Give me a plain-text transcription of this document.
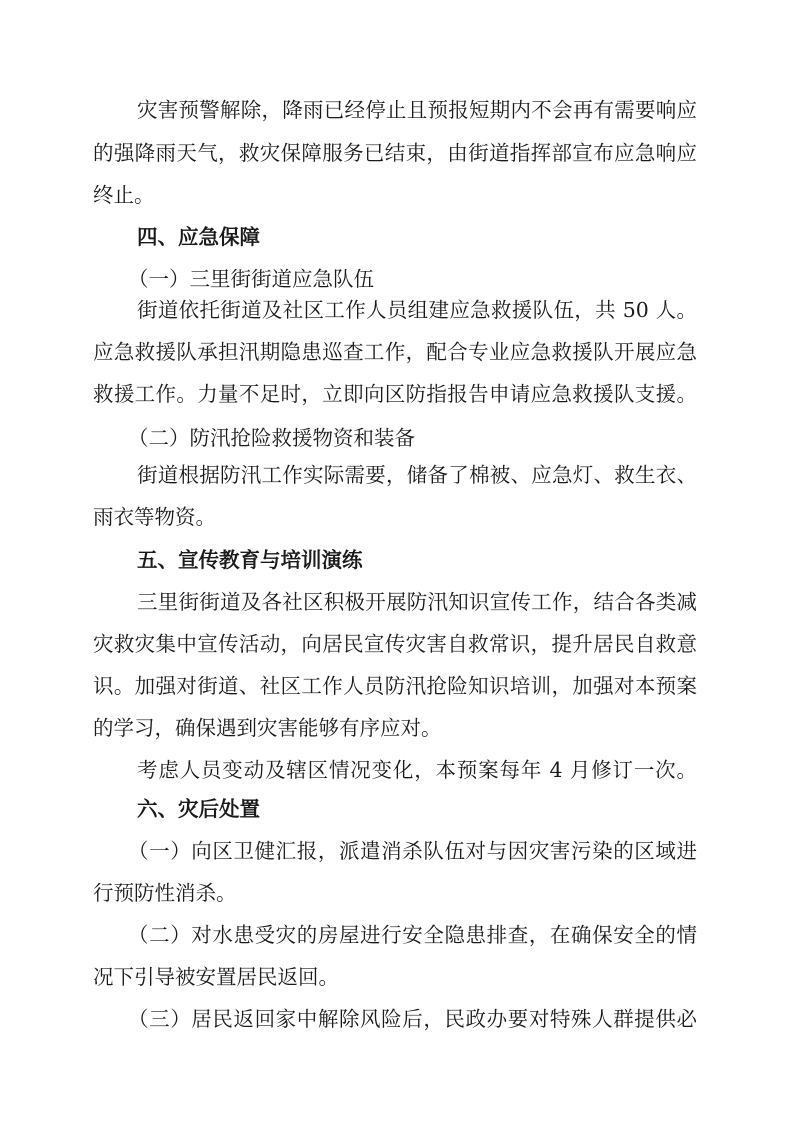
灾害预警解除，降雨已经停止且预报短期内不会再有需要响应
的强降雨天气，救灾保障服务已结束，由街道指挥部宣布应急响应
终止。
四、应急保障
（一）三里街街道应急队伍
街道依托街道及社区工作人员组建应急救援队伍，共 50 人。
应急救援队承担汛期隐患巡查工作，配合专业应急救援队开展应急
救援工作。力量不足时，立即向区防指报告申请应急救援队支援。
（二）防汛抢险救援物资和装备
街道根据防汛工作实际需要，储备了棉被、应急灯、救生衣、
雨衣等物资。
五、宣传教育与培训演练
三里街街道及各社区积极开展防汛知识宣传工作，结合各类减
灾救灾集中宣传活动，向居民宣传灾害自救常识，提升居民自救意
识。加强对街道、社区工作人员防汛抢险知识培训，加强对本预案
的学习，确保遇到灾害能够有序应对。
考虑人员变动及辖区情况变化，本预案每年 4 月修订一次。
六、灾后处置
（一）向区卫健汇报，派遣消杀队伍对与因灾害污染的区域进
行预防性消杀。
（二）对水患受灾的房屋进行安全隐患排查，在确保安全的情
况下引导被安置居民返回。
（三）居民返回家中解除风险后，民政办要对特殊人群提供必
